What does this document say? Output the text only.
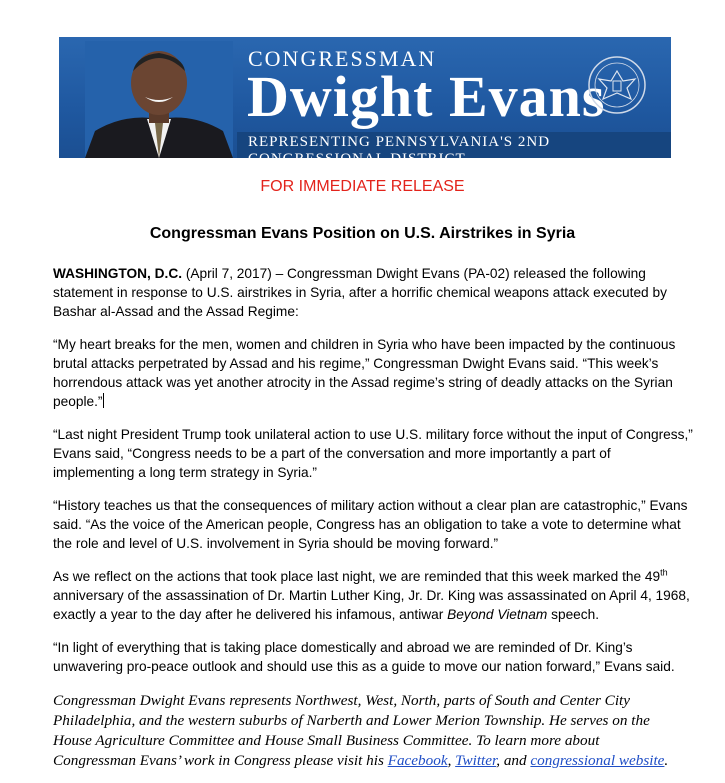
CONGRESSMAN
Dwight Evans
REPRESENTING PENNSYLVANIA'S 2ND CONGRESSIONAL DISTRICT
FOR IMMEDIATE RELEASE
Congressman Evans Position on U.S. Airstrikes in Syria
WASHINGTON, D.C. (April 7, 2017) – Congressman Dwight Evans (PA-02) released the following statement in response to U.S. airstrikes in Syria, after a horrific chemical weapons attack executed by Bashar al-Assad and the Assad Regime:
“My heart breaks for the men, women and children in Syria who have been impacted by the continuous brutal attacks perpetrated by Assad and his regime,” Congressman Dwight Evans said. “This week’s horrendous attack was yet another atrocity in the Assad regime’s string of deadly attacks on the Syrian people.”
“Last night President Trump took unilateral action to use U.S. military force without the input of Congress,” Evans said, “Congress needs to be a part of the conversation and more importantly a part of implementing a long term strategy in Syria.”
“History teaches us that the consequences of military action without a clear plan are catastrophic,” Evans said. “As the voice of the American people, Congress has an obligation to take a vote to determine what the role and level of U.S. involvement in Syria should be moving forward.”
As we reflect on the actions that took place last night, we are reminded that this week marked the 49th anniversary of the assassination of Dr. Martin Luther King, Jr. Dr. King was assassinated on April 4, 1968, exactly a year to the day after he delivered his infamous, antiwar Beyond Vietnam speech.
“In light of everything that is taking place domestically and abroad we are reminded of Dr. King’s unwavering pro-peace outlook and should use this as a guide to move our nation forward,” Evans said.
Congressman Dwight Evans represents Northwest, West, North, parts of South and Center City Philadelphia, and the western suburbs of Narberth and Lower Merion Township. He serves on the House Agriculture Committee and House Small Business Committee. To learn more about Congressman Evans’ work in Congress please visit his Facebook, Twitter, and congressional website.
